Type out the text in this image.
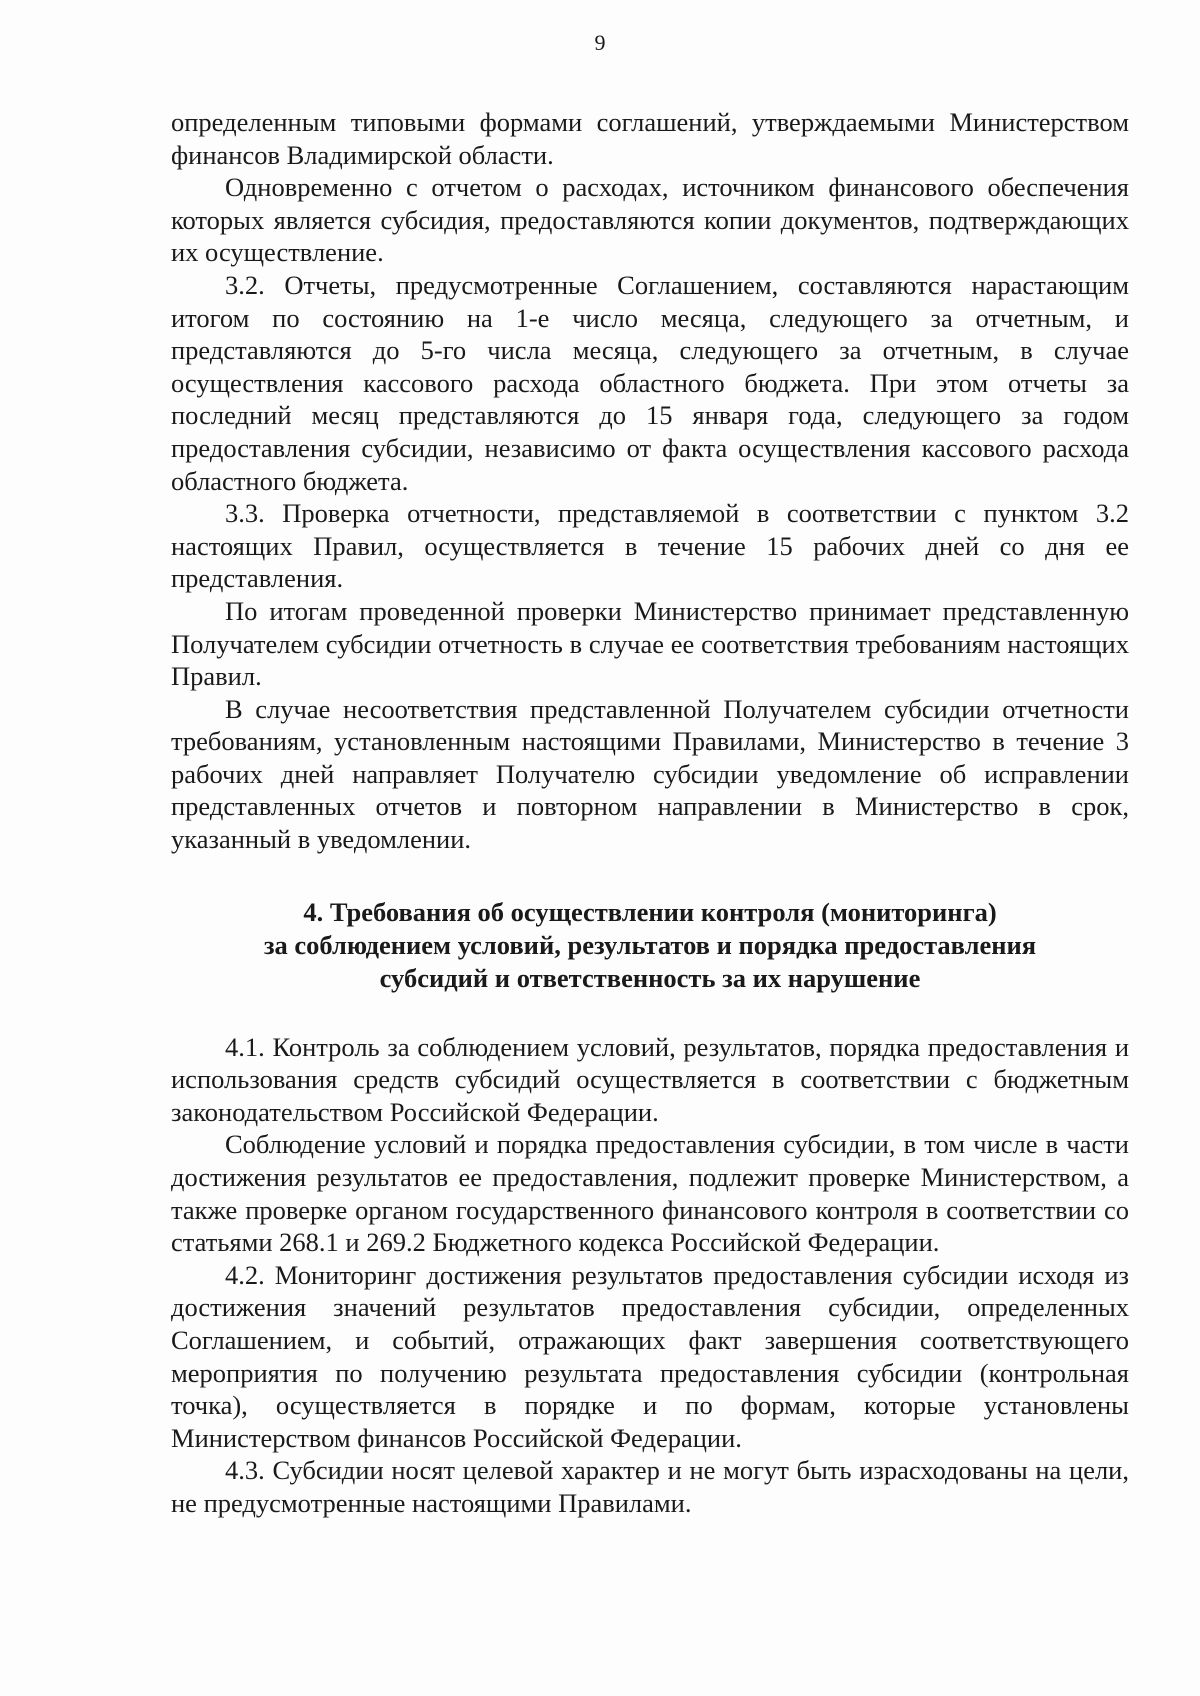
9

определенным типовыми формами соглашений, утверждаемыми Министерством финансов Владимирской области.

Одновременно с отчетом о расходах, источником финансового обеспечения которых является субсидия, предоставляются копии документов, подтверждающих их осуществление.

3.2. Отчеты, предусмотренные Соглашением, составляются нарастающим итогом по состоянию на 1-е число месяца, следующего за отчетным, и представляются до 5-го числа месяца, следующего за отчетным, в случае осуществления кассового расхода областного бюджета. При этом отчеты за последний месяц представляются до 15 января года, следующего за годом предоставления субсидии, независимо от факта осуществления кассового расхода областного бюджета.

3.3. Проверка отчетности, представляемой в соответствии с пунктом 3.2 настоящих Правил, осуществляется в течение 15 рабочих дней со дня ее представления.

По итогам проведенной проверки Министерство принимает представленную Получателем субсидии отчетность в случае ее соответствия требованиям настоящих Правил.

В случае несоответствия представленной Получателем субсидии отчетности требованиям, установленным настоящими Правилами, Министерство в течение 3 рабочих дней направляет Получателю субсидии уведомление об исправлении представленных отчетов и повторном направлении в Министерство в срок, указанный в уведомлении.

4. Требования об осуществлении контроля (мониторинга)
за соблюдением условий, результатов и порядка предоставления
субсидий и ответственность за их нарушение

4.1. Контроль за соблюдением условий, результатов, порядка предоставления и использования средств субсидий осуществляется в соответствии с бюджетным законодательством Российской Федерации.

Соблюдение условий и порядка предоставления субсидии, в том числе в части достижения результатов ее предоставления, подлежит проверке Министерством, а также проверке органом государственного финансового контроля в соответствии со статьями 268.1 и 269.2 Бюджетного кодекса Российской Федерации.

4.2. Мониторинг достижения результатов предоставления субсидии исходя из достижения значений результатов предоставления субсидии, определенных Соглашением, и событий, отражающих факт завершения соответствующего мероприятия по получению результата предоставления субсидии (контрольная точка), осуществляется в порядке и по формам, которые установлены Министерством финансов Российской Федерации.

4.3. Субсидии носят целевой характер и не могут быть израсходованы на цели, не предусмотренные настоящими Правилами.
